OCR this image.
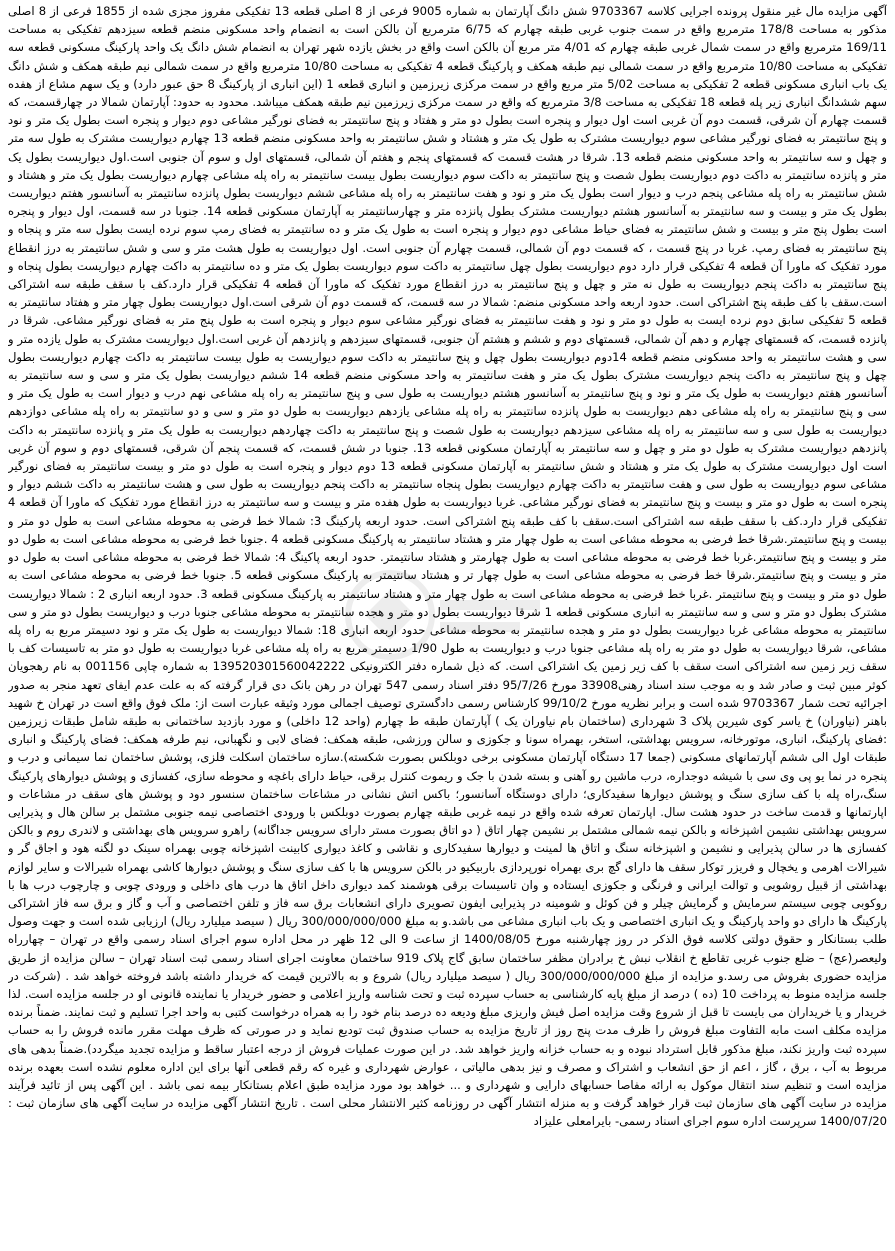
آگهی مزایده مال غیر منقول پرونده اجرایی کلاسه 9703367 شش دانگ آپارتمان به شماره 9005 فرعی از 8 اصلی قطعه 13 تفکیکی مفروز مجزی شده از 1855 فرعی از 8 اصلی مذکور به مساحت 178/8 مترمربع واقع در سمت جنوب غربی طبقه چهارم که 6/75 مترمربع آن بالکن است به انضمام واحد مسکونی منضم قطعه سیزدهم تفکیکی به مساحت 169/11 مترمربع واقع در سمت شمال غربی طبقه چهارم که 4/01 متر مربع آن بالکن است واقع در بخش یازده شهر تهران به انضمام شش دانگ یک واحد پارکینگ مسکونی قطعه سه تفکیکی به مساحت 10/80 مترمربع واقع در سمت شمالی نیم طبقه همکف و پارکینگ قطعه 4 تفکیکی به مساحت 10/80 مترمربع واقع در سمت شمالی نیم طبقه همکف و شش دانگ یک باب انباری مسکونی قطعه 2 تفکیکی به مساحت 5/02 متر مربع واقع در سمت مرکزی زیرزمین و انباری قطعه 1 (این انباری از پارکینگ 8 حق عبور دارد) و یک سهم مشاع از هفده سهم ششدانگ انباری زیر پله قطعه 18 تفکیکی به مساحت 3/8 مترمربع که واقع در سمت مرکزی زیرزمین نیم طبقه همکف میباشد. محدود به حدود: آپارتمان شمالا در چهارقسمت، که قسمت چهارم آن شرقی، قسمت دوم آن غربی است اول دیوار و پنجره است بطول دو متر و هفتاد و پنج سانتیمتر به فضای نورگیر مشاعی دوم دیوار و پنجره است بطول یک متر و نود و پنج سانتیمتر به فضای نورگیر مشاعی سوم دیواریست مشترک به طول یک متر و هشتاد و شش سانتیمتر به واحد مسکونی منضم قطعه 13 چهارم دیواریست مشترک به طول سه متر و چهل و سه سانتیمتر به واحد مسکونی منضم قطعه 13. شرقا در هشت قسمت که قسمتهای پنجم و هفتم آن شمالی، قسمتهای اول و سوم آن جنوبی است.اول دیواریست بطول یک متر و پانزده سانتیمتر به داکت دوم دیواریست بطول شصت و پنج سانتیمتر به داکت سوم دیواریست بطول بیست سانتیمتر به راه پله مشاعی چهارم دیواریست بطول یک متر و هشتاد و شش سانتیمتر به راه پله مشاعی پنجم درب و دیوار است بطول یک متر و نود و هفت سانتیمتر به راه پله مشاعی ششم دیواریست بطول پانزده سانتیمتر به آسانسور هفتم دیواریست بطول یک متر و بیست و سه سانتیمتر به آسانسور هشتم دیواریست مشترک بطول پانزده متر و چهارسانتیمتر به آپارتمان مسکونی قطعه 14. جنوبا در سه قسمت، اول دیوار و پنجره است بطول پنج متر و بیست و شش سانتیمتر به فضای حیاط مشاعی دوم دیوار و پنجره است به طول یک متر و ده سانتیمتر به فضای رمپ سوم نرده ایست بطول سه متر و پنجاه و پنج سانتیمتر به فضای رمپ. غربا در پنج قسمت ، که قسمت دوم آن شمالی، قسمت چهارم آن جنوبی است. اول دیواریست به طول هشت متر و سی و شش سانتیمتر به درز انقطاع مورد تفکیک که ماورا آن قطعه 4 تفکیکی قرار دارد دوم دیواریست بطول چهل سانتیمتر به داکت سوم دیواریست بطول یک متر و ده سانتیمتر به داکت چهارم دیواریست بطول پنجاه و پنج سانتیمتر به داکت پنجم دیواریست به طول نه متر و چهل و پنج سانتیمتر به درز انقطاع مورد تفکیک که ماورا آن قطعه 4 تفکیکی قرار دارد.کف با سقف طبقه سه اشتراکی است.سقف با کف طبقه پنج اشتراکی است. حدود اربعه واحد مسکونی منضم: شمالا در سه قسمت، که قسمت دوم آن شرقی است.اول دیواریست بطول چهار متر و هفتاد سانتیمتر به قطعه 5 تفکیکی سابق دوم نرده ایست به طول دو متر و نود و هفت سانتیمتر به فضای نورگیر مشاعی سوم دیوار و پنجره است به طول پنج متر به فضای نورگیر مشاعی. شرقا در پانزده قسمت، که قسمتهای چهارم و دهم آن شمالی، قسمتهای دوم و ششم و هشتم آن جنوبی، قسمتهای سیزدهم و پانزدهم آن غربی است.اول دیواریست مشترک به طول یازده متر و سی و هشت سانتیمتر به واحد مسکونی منضم قطعه 14دوم دیواریست بطول چهل و پنج سانتیمتر به داکت سوم دیواریست به طول بیست سانتیمتر به داکت چهارم دیواریست بطول چهل و پنج سانتیمتر به داکت پنجم دیواریست مشترک بطول یک متر و هفت سانتیمتر به واحد مسکونی منضم قطعه 14 ششم دیواریست بطول یک متر و سی و سه سانتیمتر به آسانسور هفتم دیواریست به طول یک متر و نود و پنج سانتیمتر به آسانسور هشتم دیواریست به طول سی و پنج سانتیمتر به راه پله مشاعی نهم درب و دیوار است به طول یک متر و سی و پنج سانتیمتر به راه پله مشاعی دهم دیواریست به طول پانزده سانتیمتر به راه پله مشاعی یازدهم دیواریست به طول دو متر و سی و دو سانتیمتر به راه پله مشاعی دوازدهم دیواریست به طول سی و سه سانتیمتر به راه پله مشاعی سیزدهم دیواریست به طول شصت و پنج سانتیمتر به داکت چهاردهم دیواریست به طول یک متر و پانزده سانتیمتر به داکت پانزدهم دیواریست مشترک به طول دو متر و چهل و سه سانتیمتر به آپارتمان مسکونی قطعه 13. جنوبا در شش قسمت، که قسمت پنجم آن شرقی، قسمتهای دوم و سوم آن غربی است اول دیواریست مشترک به طول یک متر و هشتاد و شش سانتیمتر به آپارتمان مسکونی قطعه 13 دوم دیوار و پنجره است به طول دو متر و بیست سانتیمتر به فضای نورگیر مشاعی سوم دیواریست به طول سی و هفت سانتیمتر به داکت چهارم دیواریست بطول پنجاه سانتیمتر به داکت پنجم دیواریست به طول سی و هشت سانتیمتر به داکت ششم دیوار و پنجره است به طول دو متر و بیست و پنج سانتیمتر به فضای نورگیر مشاعی. غربا دیواریست به طول هفده متر و بیست و سه سانتیمتر به درز انقطاع مورد تفکیک که ماورا آن قطعه 4 تفکیکی قرار دارد.کف با سقف طبقه سه اشتراکی است.سقف با کف طبقه پنج اشتراکی است. حدود اربعه پارکینگ 3: شمالا خط فرضی به محوطه مشاعی است به طول دو متر و بیست و پنج سانتیمتر.شرقا خط فرضی به محوطه مشاعی است به طول چهار متر و هشتاد سانتیمتر به پارکینگ مسکونی قطعه 4 .جنوبا خط فرضی به محوطه مشاعی است به طول دو متر و بیست و پنج سانتیمتر.غربا خط فرضی به محوطه مشاعی است به طول چهارمتر و هشتاد سانتیمتر. حدود اربعه پاکینگ 4: شمالا خط فرضی به محوطه مشاعی است به طول دو متر و بیست و پنج سانتیمتر.شرقا خط فرضی به محوطه مشاعی است به طول چهار تر و هشتاد سانتیمتر به پارکینگ مسکونی قطعه 5. جنوبا خط فرضی به محوطه مشاعی است به طول دو متر و بیست و پنج سانتیمتر .غربا خط فرضی به محوطه مشاعی است به طول چهار متر و هشتاد سانتیمتر به پارکینگ مسکونی قطعه 3. حدود اربعه انباری 2 : شمالا دیواریست مشترک بطول دو متر و سی و سه سانتیمتر به انباری مسکونی قطعه 1 شرقا دیواریست بطول دو متر و هجده سانتیمتر به محوطه مشاعی جنوبا درب و دیواریست بطول دو متر و سی سانتیمتر به محوطه مشاعی غربا دیواریست بطول دو متر و هجده سانتیمتر به محوطه مشاعی حدود اربعه انباری 18: شمالا دیواریست به طول یک متر و نود دسیمتر مربع به راه پله مشاعی، شرقا دیواریست به طول دو متر به راه پله مشاعی جنوبا درب و دیواریست به طول 1/90 دسیمتر مربع به راه پله مشاعی غربا دیواریست به طول دو متر به تاسیسات کف با سقف زیر زمین سه اشتراکی است سقف با کف زیر زمین یک اشتراکی است. که ذیل شماره دفتر الکترونیکی 139520301560042222 به شماره چاپی 001156 به نام رهجویان کوثر مبین ثبت و صادر شد و به موجب سند اسناد رهنی33908 مورخ 95/7/26 دفتر اسناد رسمی 547 تهران در رهن بانک دی قرار گرفته که به علت عدم ایفای تعهد منجر به صدور اجرائیه تحت شمار 9703367 شده است و برابر نظریه مورخ 99/10/2 کارشناس رسمی دادگستری توصیف اجمالی مورد وثیقه عبارت است از: ملک فوق واقع است در تهران خ شهید باهنر (نیاوران) خ یاسر کوی شیرین پلاک 3 شهرداری (ساختمان بام نیاوران یک ) آپارتمان طبقه ط چهارم (واحد 12 داخلی) و مورد بازدید ساختمانی به طبقه شامل طبقات زیرزمین :فضای پارکینگ، انباری، موتورخانه، سرویس بهداشتی، استخر، بهمراه سونا و جکوزی و سالن ورزشی، طبقه همکف: فضای لابی و نگهبانی، نیم طرفه همکف: فضای پارکینگ و انباری طبقات اول الی ششم آپارتمانهای مسکونی (جمعا 17 دستگاه آپارتمان مسکونی برخی دوبلکس بصورت شکسته).سازه ساختمان اسکلت فلزی، پوشش ساختمان نما سیمانی و درب و پنجره در نما یو پی وی سی با شیشه دوجداره، درب ماشین رو آهنی و بسته شدن با جک و ریموت کنترل برقی، حیاط دارای باغچه و محوطه سازی، کفسازی و پوشش دیوارهای پارکینگ سنگ،راه پله با کف سازی سنگ و پوشش دیوارها سفیدکاری؛ دارای دوستگاه آسانسور؛ باکس اتش نشانی در مشاعات ساختمان سنسور دود و پوشش های سقف در مشاعات و اپارتمانها و قدمت ساخت در حدود هشت سال. اپارتمان تعرفه شده واقع در نیمه غربی طبقه چهارم بصورت دوبلکس با ورودی اختصاصی نیمه جنوبی مشتمل بر سالن هال و پذیرایی سرویس بهداشتی نشیمن اشپزخانه و بالکن نیمه شمالی مشتمل بر نشیمن چهار اتاق ( دو اتاق بصورت مستر دارای سرویس جداگانه) راهرو سرویس های بهداشتی و لاندری روم و بالکن کفسازی ها در سالن پذیرایی و نشیمن و اشپزخانه سنگ و اتاق ها لمینت و دیوارها سفیدکاری و نقاشی و کاغذ دیواری کابینت اشپزخانه چوبی بهمراه سینک دو لگنه هود و اجاق گر و شیرالات اهرمی و یخچال و فریزر توکار سقف ها دارای گچ بری بهمراه نورپردازی باربیکیو در بالکن سرویس ها با کف سازی سنگ و پوشش دیوارها کاشی بهمراه شیرالات و سایر لوازم بهداشتی از قبیل روشویی و توالت ایرانی و فرنگی و جکوزی ایستاده و وان تاسیسات برقی هوشمند کمد دیواری داخل اتاق ها درب های داخلی و ورودی چوبی و چارچوب درب ها با روکوبی چوبی سیستم سرمایش و گرمایش چیلر و فن کوئل و شومینه در پذیرایی ایفون تصویری دارای انشعابات برق سه فاز و تلفن اختصاصی و آب و گاز و برق سه فاز اشتراکی پارکینگ ها دارای دو واحد پارکینگ و یک انباری اختصاصی و یک باب انباری مشاعی می باشد.و به مبلغ 300/000/000/000 ریال ( سیصد میلیارد ریال) ارزیابی شده است و جهت وصول طلب بستانکار و حقوق دولتی کلاسه فوق الذکر در روز چهارشنبه مورخ 1400/08/05 از ساعت 9 الی 12 ظهر در محل اداره سوم اجرای اسناد رسمی واقع در تهران – چهارراه ولیعصر(عج) – ضلع جنوب غربی تقاطع خ انقلاب نبش خ برادران مظفر ساختمان سابق گاج پلاک 919 ساختمان معاونت اجرای اسناد رسمی ثبت اسناد تهران – سالن مزایده از طریق مزایده حضوری بفروش می رسد.و مزایده از مبلغ 300/000/000/000 ریال ( سیصد میلیارد ریال) شروع و به بالاترین قیمت که خریدار داشته باشد فروخته خواهد شد . (شرکت در جلسه مزایده منوط به پرداخت 10 (ده ) درصد از مبلغ پایه کارشناسی به حساب سپرده ثبت و تحت شناسه واریز اعلامی و حضور خریدار یا نماینده قانونی او در جلسه مزایده است. لذا خریدار و یا خریداران می بایست تا قبل از شروع وقت مزایده اصل فیش واریزی مبلغ ودیعه ده درصد بنام خود را به همراه درخواست کتبی به واحد اجرا تسلیم و ثبت نمایند. ضمناً برنده مزایده مکلف است مابه التفاوت مبلغ فروش را ظرف مدت پنج روز از تاریخ مزایده به حساب صندوق ثبت تودیع نماید و در صورتی که ظرف مهلت مقرر مانده فروش را به حساب سپرده ثبت واریز نکند، مبلغ مذکور قابل استرداد نبوده و به حساب خزانه واریز خواهد شد. در این صورت عملیات فروش از درجه اعتبار ساقط و مزایده تجدید میگردد).ضمناً بدهی های مربوط به آب ، برق ، گاز ، اعم از حق انشعاب و اشتراک و مصرف و نیز بدهی مالیاتی ، عوارض شهرداری و غیره که رقم قطعی آنها برای این اداره معلوم نشده است بعهده برنده مزایده است و تنظیم سند انتقال موکول به ارائه مفاصا حسابهای دارایی و شهرداری و ... خواهد بود مورد مزایده طبق اعلام بستانکار بیمه نمی باشد . این آگهی پس از تائید فرآیند مزایده در سایت آگهی های سازمان ثبت قرار خواهد گرفت و به منزله انتشار آگهی در روزنامه کثیر الانتشار محلی است . تاریخ انتشار آگهی مزایده در سایت آگهی های سازمان ثبت : 1400/07/20 سرپرست اداره سوم اجرای اسناد رسمی- بایرامعلی علیزاد
